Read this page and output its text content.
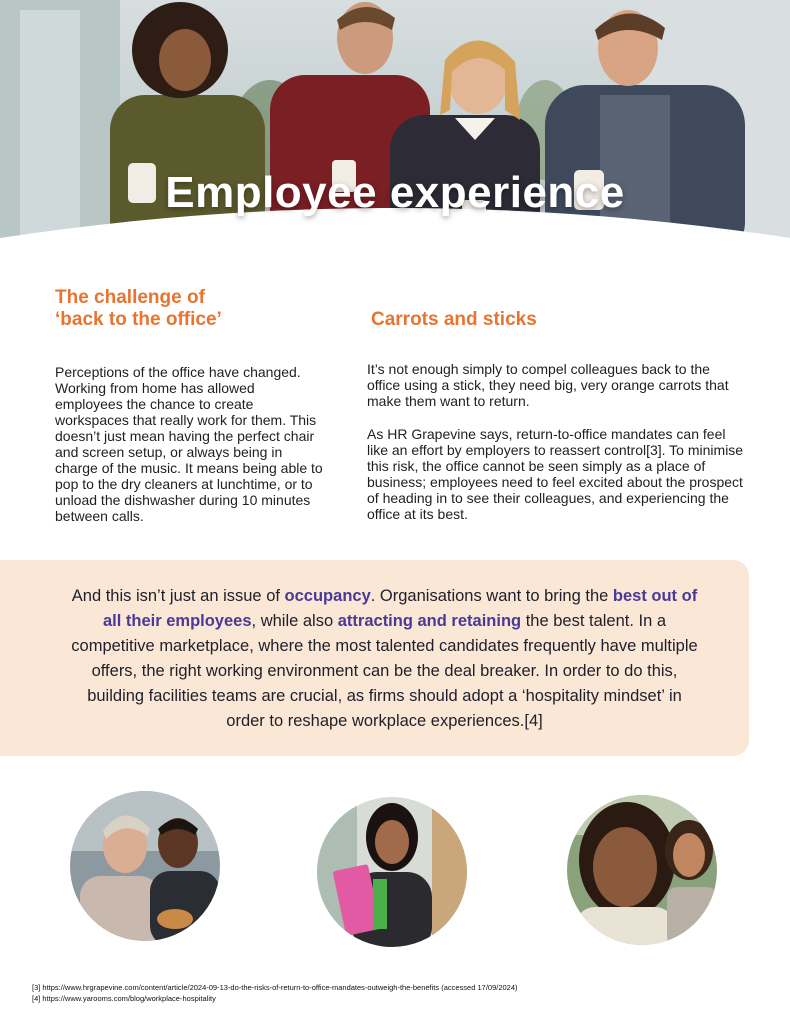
Employee experience
The challenge of
‘back to the office’

Perceptions of the office have changed. Working from home has allowed employees the chance to create workspaces that really work for them. This doesn’t just mean having the perfect chair and screen setup, or always being in charge of the music. It means being able to pop to the dry cleaners at lunchtime, or to unload the dishwasher during 10 minutes between calls.

Carrots and sticks

It’s not enough simply to compel colleagues back to the office using a stick, they need big, very orange carrots that make them want to return.

As HR Grapevine says, return-to-office mandates can feel like an effort by employers to reassert control[3]. To minimise this risk, the office cannot be seen simply as a place of business; employees need to feel excited about the prospect of heading in to see their colleagues, and experiencing the office at its best.

And this isn’t just an issue of occupancy. Organisations want to bring the best out of all their employees, while also attracting and retaining the best talent. In a competitive marketplace, where the most talented candidates frequently have multiple offers, the right working environment can be the deal breaker. In order to do this, building facilities teams are crucial, as firms should adopt a ‘hospitality mindset’ in order to reshape workplace experiences.[4]

[3] https://www.hrgrapevine.com/content/article/2024-09-13-do-the-risks-of-return-to-office-mandates-outweigh-the-benefits (accessed 17/09/2024)
[4] https://www.yarooms.com/blog/workplace-hospitality
